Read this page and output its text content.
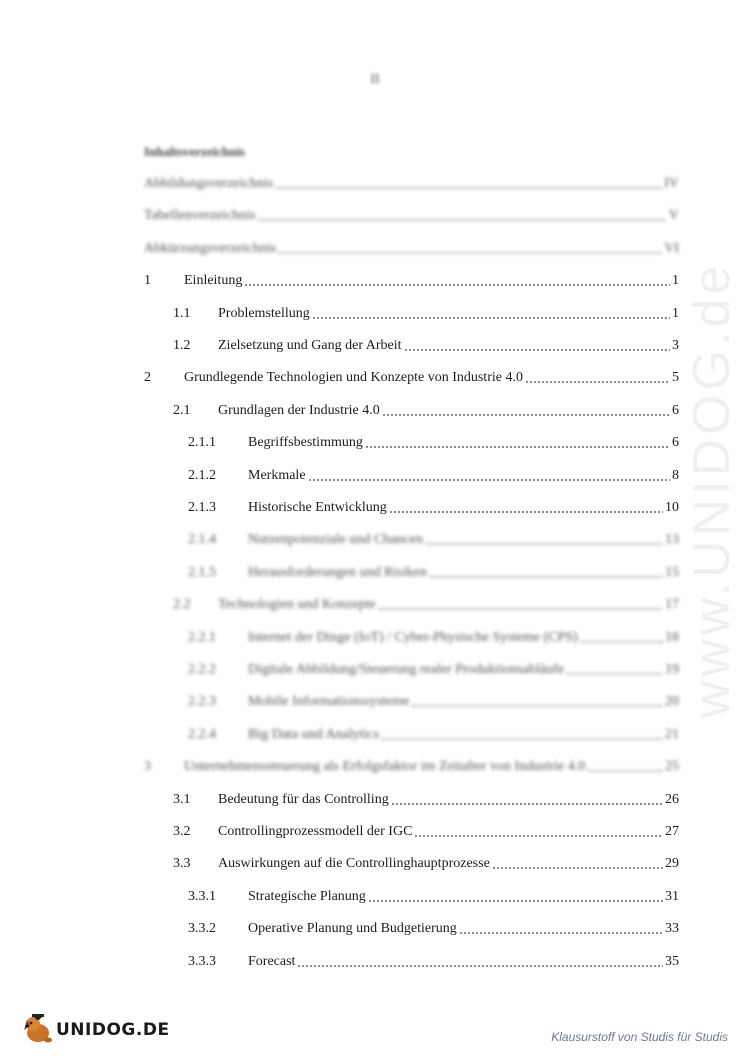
II
Inhaltsverzeichnis
Abbildungsverzeichnis	IV
Tabellenverzeichnis	V
Abkürzungsverzeichnis	VI
1	Einleitung	1
1.1	Problemstellung	1
1.2	Zielsetzung und Gang der Arbeit	3
2	Grundlegende Technologien und Konzepte von Industrie 4.0	5
2.1	Grundlagen der Industrie 4.0	6
2.1.1	Begriffsbestimmung	6
2.1.2	Merkmale	8
2.1.3	Historische Entwicklung	10
2.1.4	Nutzenpotenziale und Chancen	13
2.1.5	Herausforderungen und Risiken	15
2.2	Technologien und Konzepte	17
2.2.1	Internet der Dinge (IoT) / Cyber-Physische Systeme (CPS)	18
2.2.2	Digitale Abbildung/Steuerung realer Produktionsabläufe	19
2.2.3	Mobile Informationssysteme	20
2.2.4	Big Data und Analytics	21
3	Unternehmenssteuerung als Erfolgsfaktor im Zeitalter von Industrie 4.0	25
3.1	Bedeutung für das Controlling	26
3.2	Controllingprozessmodell der IGC	27
3.3	Auswirkungen auf die Controllinghauptprozesse	29
3.3.1	Strategische Planung	31
3.3.2	Operative Planung und Budgetierung	33
3.3.3	Forecast	35
www.UNIDOG.de
UNIDOG.DE	Klausurstoff von Studis für Studis
